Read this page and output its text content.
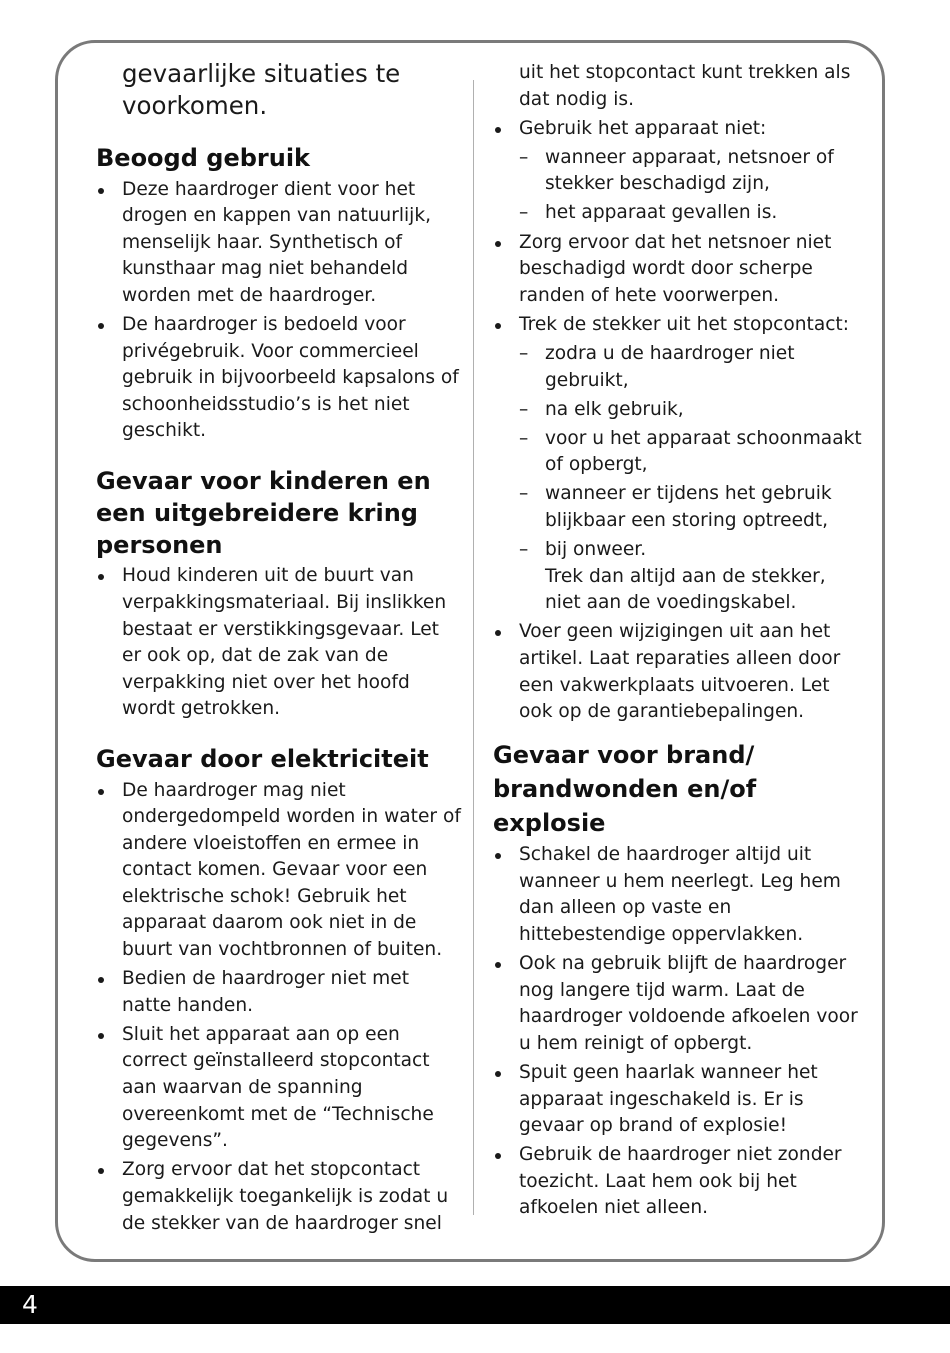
gevaarlijke situaties te voorkomen.

Beoogd gebruik
Deze haardroger dient voor het drogen en kappen van natuurlijk, menselijk haar. Synthetisch of kunsthaar mag niet behandeld worden met de haardroger.
De haardroger is bedoeld voor privégebruik. Voor commercieel gebruik in bijvoorbeeld kapsalons of schoonheidsstudio’s is het niet geschikt.
Gevaar voor kinderen en een uitgebreidere kring personen
Houd kinderen uit de buurt van verpakkingsmateriaal. Bij inslikken bestaat er verstikkingsgevaar. Let er ook op, dat de zak van de verpakking niet over het hoofd wordt getrokken.
Gevaar door elektriciteit
De haardroger mag niet ondergedompeld worden in water of andere vloeistoffen en ermee in contact komen. Gevaar voor een elektrische schok! Gebruik het apparaat daarom ook niet in de buurt van vochtbronnen of buiten.
Bedien de haardroger niet met natte handen.
Sluit het apparaat aan op een correct geïnstalleerd stopcontact aan waarvan de spanning overeenkomt met de “Technische gegevens”.
Zorg ervoor dat het stopcontact gemakkelijk toegankelijk is zodat u de stekker van de haardroger snel
uit het stopcontact kunt trekken als dat nodig is.
Gebruik het apparaat niet:
– wanneer apparaat, netsnoer of stekker beschadigd zijn,
– het apparaat gevallen is.
Zorg ervoor dat het netsnoer niet beschadigd wordt door scherpe randen of hete voorwerpen.
Trek de stekker uit het stopcontact:
– zodra u de haardroger niet gebruikt,
– na elk gebruik,
– voor u het apparaat schoonmaakt of opbergt,
– wanneer er tijdens het gebruik blijkbaar een storing optreedt,
– bij onweer.
Trek dan altijd aan de stekker, niet aan de voedingskabel.
Voer geen wijzigingen uit aan het artikel. Laat reparaties alleen door een vakwerkplaats uitvoeren. Let ook op de garantiebepalingen.
Gevaar voor brand/ brandwonden en/of explosie
Schakel de haardroger altijd uit wanneer u hem neerlegt. Leg hem dan alleen op vaste en hittebestendige oppervlakken.
Ook na gebruik blijft de haardroger nog langere tijd warm. Laat de haardroger voldoende afkoelen voor u hem reinigt of opbergt.
Spuit geen haarlak wanneer het apparaat ingeschakeld is. Er is gevaar op brand of explosie!
Gebruik de haardroger niet zonder toezicht. Laat hem ook bij het afkoelen niet alleen.
4
